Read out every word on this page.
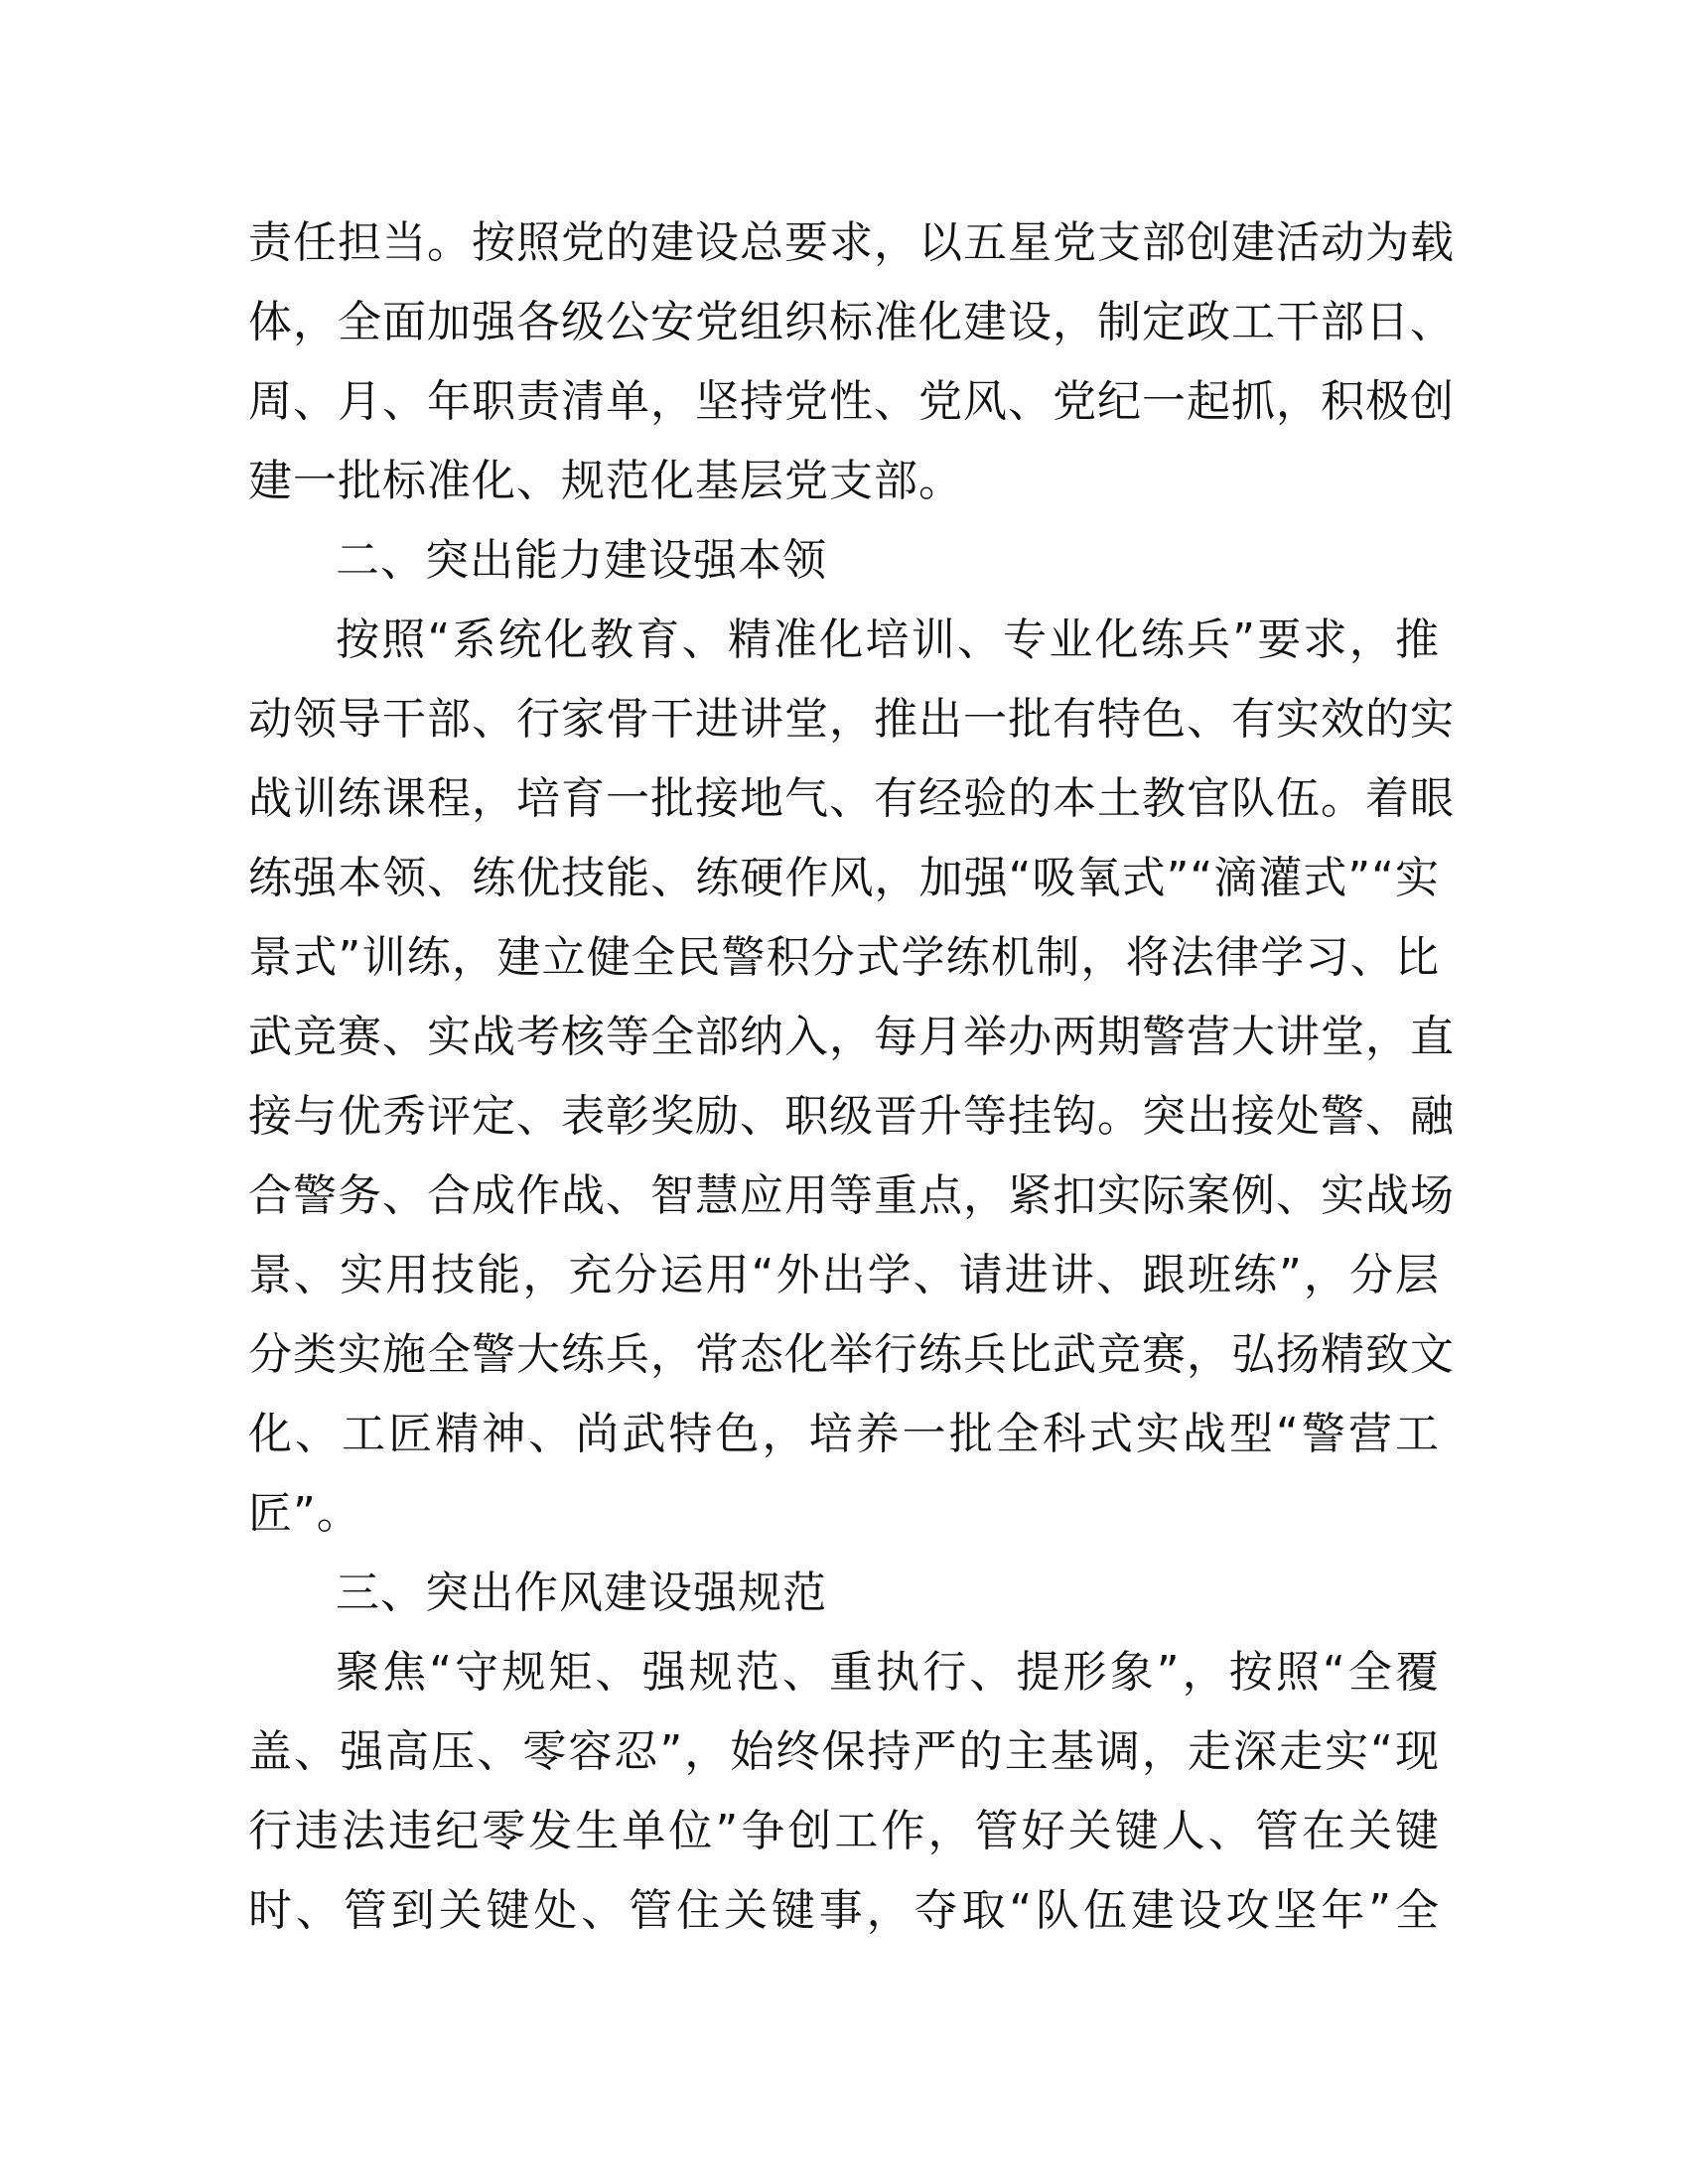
责任担当。按照党的建设总要求，以五星党支部创建活动为载
体，全面加强各级公安党组织标准化建设，制定政工干部日、
周、月、年职责清单，坚持党性、党风、党纪一起抓，积极创
建一批标准化、规范化基层党支部。
二、突出能力建设强本领
按照“系统化教育、精准化培训、专业化练兵”要求，推
动领导干部、行家骨干进讲堂，推出一批有特色、有实效的实
战训练课程，培育一批接地气、有经验的本土教官队伍。着眼
练强本领、练优技能、练硬作风，加强“吸氧式”“滴灌式”“实
景式”训练，建立健全民警积分式学练机制，将法律学习、比
武竞赛、实战考核等全部纳入，每月举办两期警营大讲堂，直
接与优秀评定、表彰奖励、职级晋升等挂钩。突出接处警、融
合警务、合成作战、智慧应用等重点，紧扣实际案例、实战场
景、实用技能，充分运用“外出学、请进讲、跟班练”，分层
分类实施全警大练兵，常态化举行练兵比武竞赛，弘扬精致文
化、工匠精神、尚武特色，培养一批全科式实战型“警营工
匠”。
三、突出作风建设强规范
聚焦“守规矩、强规范、重执行、提形象”，按照“全覆
盖、强高压、零容忍”，始终保持严的主基调，走深走实“现
行违法违纪零发生单位”争创工作，管好关键人、管在关键
时、管到关键处、管住关键事，夺取“队伍建设攻坚年”全
